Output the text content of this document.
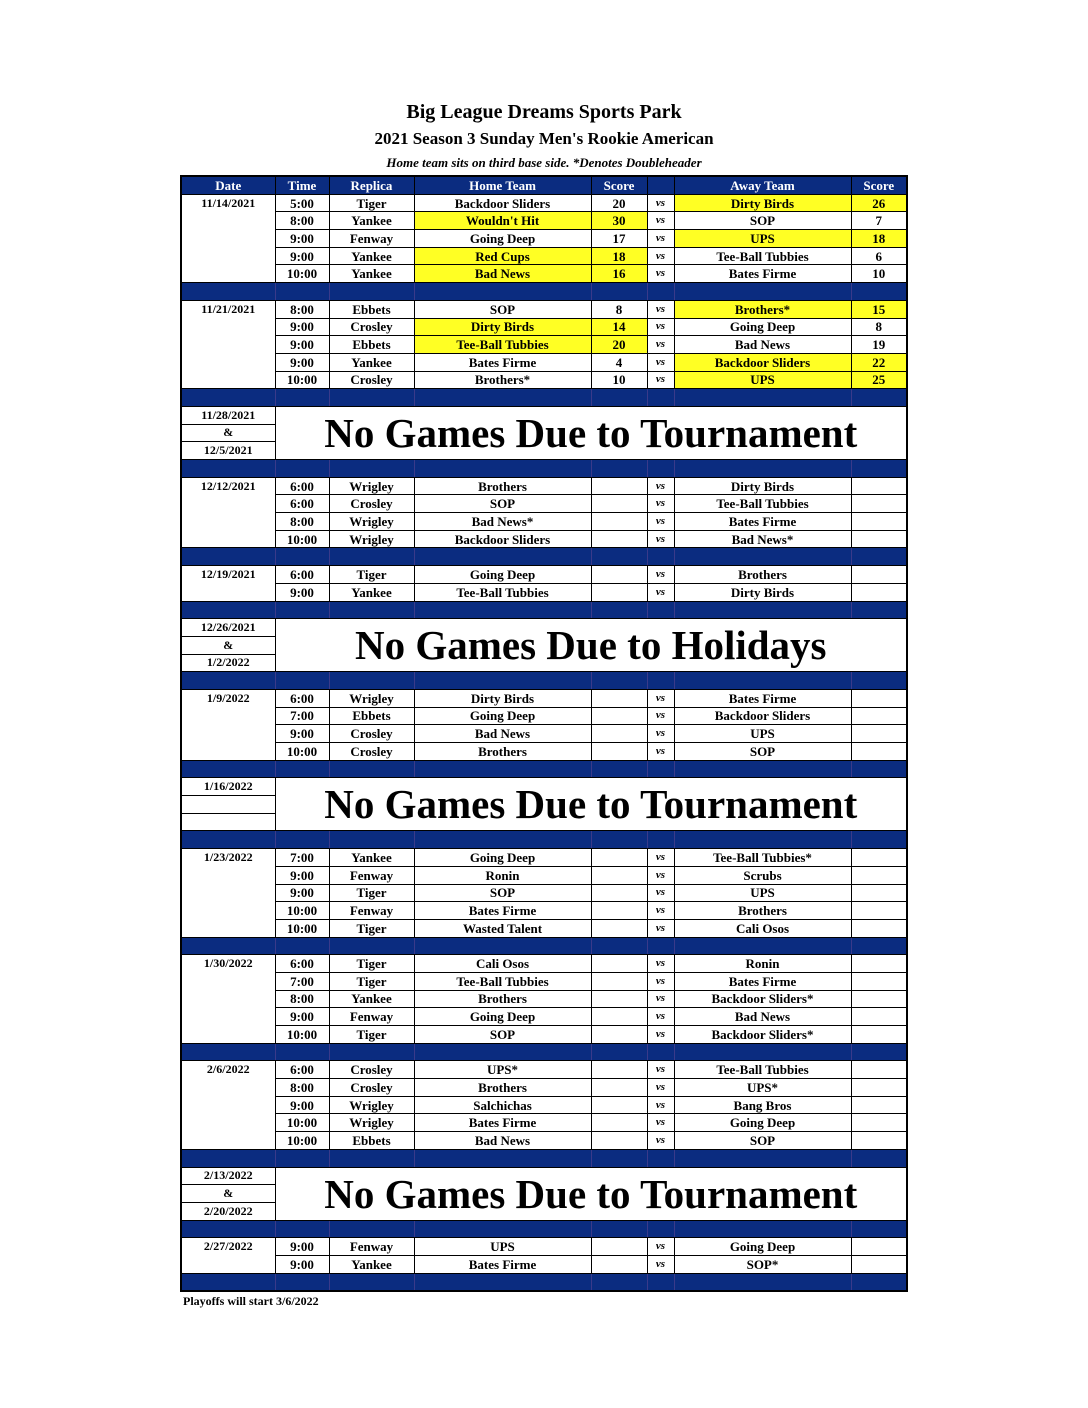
Big League Dreams Sports Park
2021 Season 3 Sunday Men's Rookie American
Home team sits on third base side. *Denotes Doubleheader
Date	Time	Replica	Home Team	Score		Away Team	Score
11/14/2021	5:00	Tiger	Backdoor Sliders	20	vs	Dirty Birds	26
	8:00	Yankee	Wouldn't Hit	30	vs	SOP	7
	9:00	Fenway	Going Deep	17	vs	UPS	18
	9:00	Yankee	Red Cups	18	vs	Tee-Ball Tubbies	6
	10:00	Yankee	Bad News	16	vs	Bates Firme	10

11/21/2021	8:00	Ebbets	SOP	8	vs	Brothers*	15
	9:00	Crosley	Dirty Birds	14	vs	Going Deep	8
	9:00	Ebbets	Tee-Ball Tubbies	20	vs	Bad News	19
	9:00	Yankee	Bates Firme	4	vs	Backdoor Sliders	22
	10:00	Crosley	Brothers*	10	vs	UPS	25

11/28/2021	No Games Due to Tournament						
&							
12/5/2021							

12/12/2021	6:00	Wrigley	Brothers		vs	Dirty Birds	
	6:00	Crosley	SOP		vs	Tee-Ball Tubbies	
	8:00	Wrigley	Bad News*		vs	Bates Firme	
	10:00	Wrigley	Backdoor Sliders		vs	Bad News*	

12/19/2021	6:00	Tiger	Going Deep		vs	Brothers	
	9:00	Yankee	Tee-Ball Tubbies		vs	Dirty Birds	

12/26/2021	No Games Due to Holidays						
&							
1/2/2022							

1/9/2022	6:00	Wrigley	Dirty Birds		vs	Bates Firme	
	7:00	Ebbets	Going Deep		vs	Backdoor Sliders	
	9:00	Crosley	Bad News		vs	UPS	
	10:00	Crosley	Brothers		vs	SOP	

1/16/2022	No Games Due to Tournament						

1/23/2022	7:00	Yankee	Going Deep		vs	Tee-Ball Tubbies*	
	9:00	Fenway	Ronin		vs	Scrubs	
	9:00	Tiger	SOP		vs	UPS	
	10:00	Fenway	Bates Firme		vs	Brothers	
	10:00	Tiger	Wasted Talent		vs	Cali Osos	

1/30/2022	6:00	Tiger	Cali Osos		vs	Ronin	
	7:00	Tiger	Tee-Ball Tubbies		vs	Bates Firme	
	8:00	Yankee	Brothers		vs	Backdoor Sliders*	
	9:00	Fenway	Going Deep		vs	Bad News	
	10:00	Tiger	SOP		vs	Backdoor Sliders*	

2/6/2022	6:00	Crosley	UPS*		vs	Tee-Ball Tubbies	
	8:00	Crosley	Brothers		vs	UPS*	
	9:00	Wrigley	Salchichas		vs	Bang Bros	
	10:00	Wrigley	Bates Firme		vs	Going Deep	
	10:00	Ebbets	Bad News		vs	SOP	

2/13/2022	No Games Due to Tournament						
&							
2/20/2022							

2/27/2022	9:00	Fenway	UPS		vs	Going Deep	
	9:00	Yankee	Bates Firme		vs	SOP*	

Playoffs will start 3/6/2022
